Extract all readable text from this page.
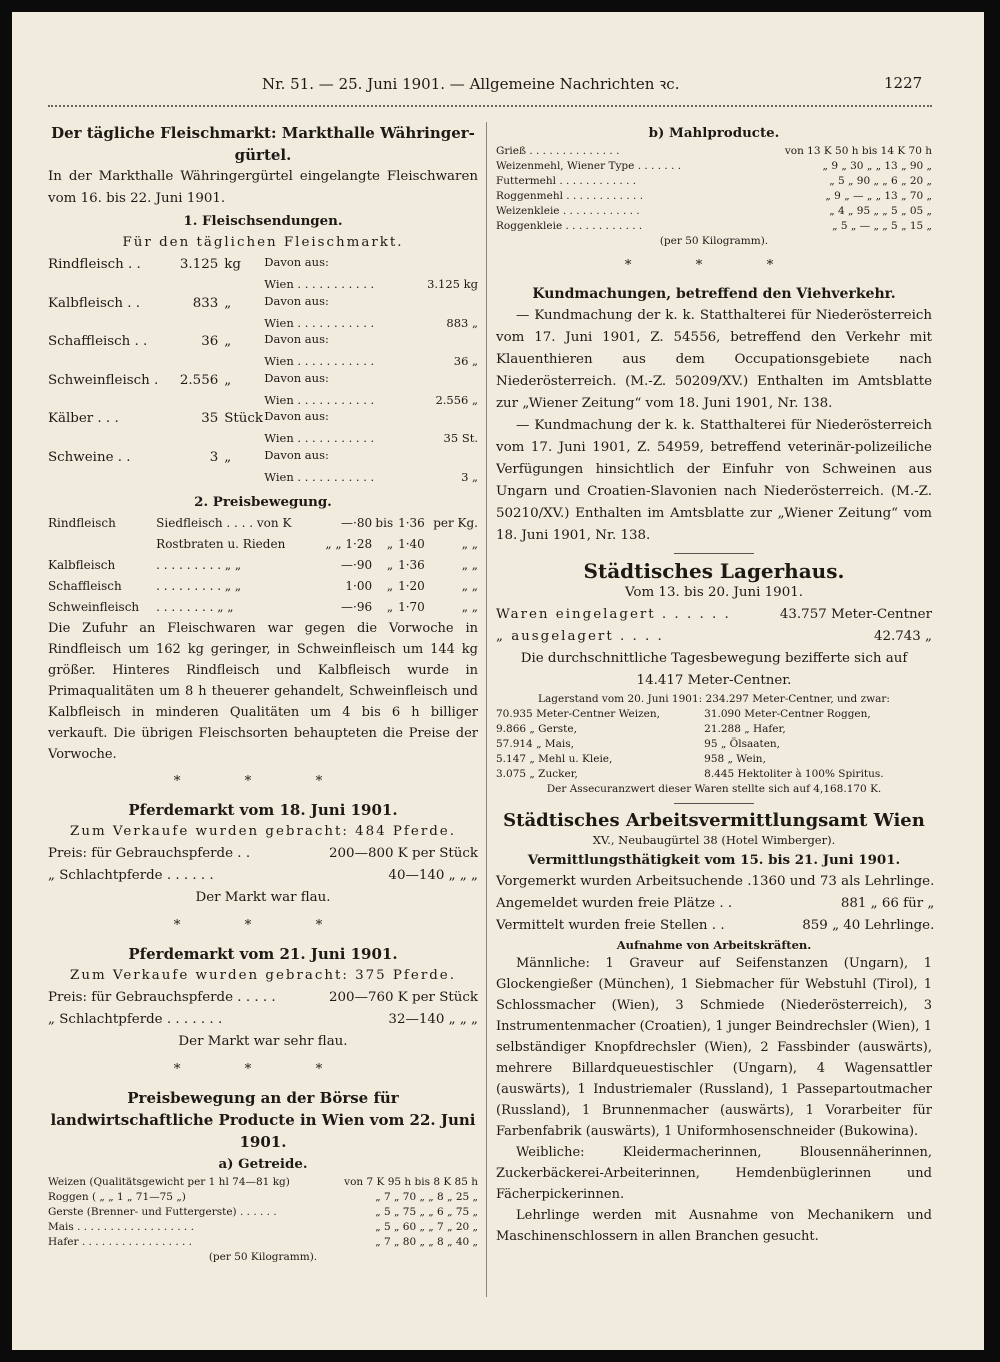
Nr. 51. — 25. Juni 1901. — Allgemeine Nachrichten ꝛc.	1227
Der tägliche Fleischmarkt: Markthalle Währinger-gürtel.
In der Markthalle Währingergürtel eingelangte Fleischwaren vom 16. bis 22. Juni 1901.
1. Fleischsendungen.
Für den täglichen Fleischmarkt.
Rindfleisch . .	3.125	kg	Davon aus:	
			Wien . . . . . . . . . . .	3.125 kg
Kalbfleisch . .	833	„	Davon aus:	
			Wien . . . . . . . . . . .	883 „
Schaffleisch . .	36	„	Davon aus:	
			Wien . . . . . . . . . . .	36 „
Schweinfleisch .	2.556	„	Davon aus:	
			Wien . . . . . . . . . . .	2.556 „
Kälber . . .	35	Stück	Davon aus:	
			Wien . . . . . . . . . . .	35 St.
Schweine . .	3	„	Davon aus:	
			Wien . . . . . . . . . . .	3 „
2. Preisbewegung.
Rindfleisch	Siedfleisch . . . . von K	—·80	bis	1·36	per Kg.
	Rostbraten u. Rieden	„ „ 1·28	„	1·40	„ „
Kalbfleisch	. . . . . . . . . „ „	—·90	„	1·36	„ „
Schaffleisch	. . . . . . . . . „ „	1·00	„	1·20	„ „
Schweinfleisch	. . . . . . . . „ „	—·96	„	1·70	„ „
Die Zufuhr an Fleischwaren war gegen die Vorwoche in Rindfleisch um 162 kg geringer, in Schweinfleisch um 144 kg größer. Hinteres Rindfleisch und Kalbfleisch wurde in Primaqualitäten um 8 h theuerer gehandelt, Schweinfleisch und Kalbfleisch in minderen Qualitäten um 4 bis 6 h billiger verkauft. Die übrigen Fleischsorten behaupteten die Preise der Vorwoche.
* * *
Pferdemarkt vom 18. Juni 1901.
Zum Verkaufe wurden gebracht: 484 Pferde.
Preis: für Gebrauchspferde . .	200—800 K per Stück
„ Schlachtpferde . . . . . .	40—140 „ „ „
Der Markt war flau.
* * *
Pferdemarkt vom 21. Juni 1901.
Zum Verkaufe wurden gebracht: 375 Pferde.
Preis: für Gebrauchspferde . . . . .	200—760 K per Stück
„ Schlachtpferde . . . . . . .	32—140 „ „ „
Der Markt war sehr flau.
* * *
Preisbewegung an der Börse für landwirtschaftliche Producte in Wien vom 22. Juni 1901.
a) Getreide.
Weizen (Qualitätsgewicht per 1 hl 74—81 kg)	von 7 K 95 h bis 8 K 85 h
Roggen ( „ „ 1 „ 71—75 „)	„ 7 „ 70 „ „ 8 „ 25 „
Gerste (Brenner- und Futtergerste) . . . . . .	„ 5 „ 75 „ „ 6 „ 75 „
Mais . . . . . . . . . . . . . . . . . .	„ 5 „ 60 „ „ 7 „ 20 „
Hafer . . . . . . . . . . . . . . . . .	„ 7 „ 80 „ „ 8 „ 40 „
(per 50 Kilogramm).
b) Mahlproducte.
Grieß . . . . . . . . . . . . . .	von 13 K 50 h bis 14 K 70 h
Weizenmehl, Wiener Type . . . . . . .	„ 9 „ 30 „ „ 13 „ 90 „
Futtermehl . . . . . . . . . . . .	„ 5 „ 90 „ „ 6 „ 20 „
Roggenmehl . . . . . . . . . . . .	„ 9 „ — „ „ 13 „ 70 „
Weizenkleie . . . . . . . . . . . .	„ 4 „ 95 „ „ 5 „ 05 „
Roggenkleie . . . . . . . . . . . .	„ 5 „ — „ „ 5 „ 15 „
(per 50 Kilogramm).
* * *
Kundmachungen, betreffend den Viehverkehr.
— Kundmachung der k. k. Statthalterei für Niederösterreich vom 17. Juni 1901, Z. 54556, betreffend den Verkehr mit Klauenthieren aus dem Occupationsgebiete nach Niederösterreich. (M.-Z. 50209/XV.) Enthalten im Amtsblatte zur „Wiener Zeitung“ vom 18. Juni 1901, Nr. 138.
— Kundmachung der k. k. Statthalterei für Niederösterreich vom 17. Juni 1901, Z. 54959, betreffend veterinär-polizeiliche Verfügungen hinsichtlich der Einfuhr von Schweinen aus Ungarn und Croatien-Slavonien nach Niederösterreich. (M.-Z. 50210/XV.) Enthalten im Amtsblatte zur „Wiener Zeitung“ vom 18. Juni 1901, Nr. 138.
Städtisches Lagerhaus.
Vom 13. bis 20. Juni 1901.
Waren eingelagert . . . . . .	43.757 Meter-Centner
„ ausgelagert . . . .	42.743 „
Die durchschnittliche Tagesbewegung bezifferte sich auf 14.417 Meter-Centner.
Lagerstand vom 20. Juni 1901: 234.297 Meter-Centner, und zwar:
70.935 Meter-Centner Weizen,	31.090 Meter-Centner Roggen,
9.866 „ Gerste,	21.288 „ Hafer,
57.914 „ Mais,	95 „ Ölsaaten,
5.147 „ Mehl u. Kleie,	958 „ Wein,
3.075 „ Zucker,	8.445 Hektoliter à 100% Spiritus.
Der Assecuranzwert dieser Waren stellte sich auf 4,168.170 K.
Städtisches Arbeitsvermittlungsamt Wien
XV., Neubaugürtel 38 (Hotel Wimberger).
Vermittlungsthätigkeit vom 15. bis 21. Juni 1901.
Vorgemerkt wurden Arbeitsuchende .	1360 und 73 als Lehrlinge.
Angemeldet wurden freie Plätze . .	881 „ 66 für „
Vermittelt wurden freie Stellen . .	859 „ 40 Lehrlinge.
Aufnahme von Arbeitskräften.
Männliche: 1 Graveur auf Seifenstanzen (Ungarn), 1 Glockengießer (München), 1 Siebmacher für Webstuhl (Tirol), 1 Schlossmacher (Wien), 3 Schmiede (Niederösterreich), 3 Instrumentenmacher (Croatien), 1 junger Beindrechsler (Wien), 1 selbständiger Knopfdrechsler (Wien), 2 Fassbinder (auswärts), mehrere Billardqueuestischler (Ungarn), 4 Wagensattler (auswärts), 1 Industriemaler (Russland), 1 Passepartoutmacher (Russland), 1 Brunnenmacher (auswärts), 1 Vorarbeiter für Farbenfabrik (auswärts), 1 Uniformhosenschneider (Bukowina).
Weibliche: Kleidermacherinnen, Blousennäherinnen, Zuckerbäckerei-Arbeiterinnen, Hemdenbüglerinnen und Fächerpickerinnen.
Lehrlinge werden mit Ausnahme von Mechanikern und Maschinenschlossern in allen Branchen gesucht.
